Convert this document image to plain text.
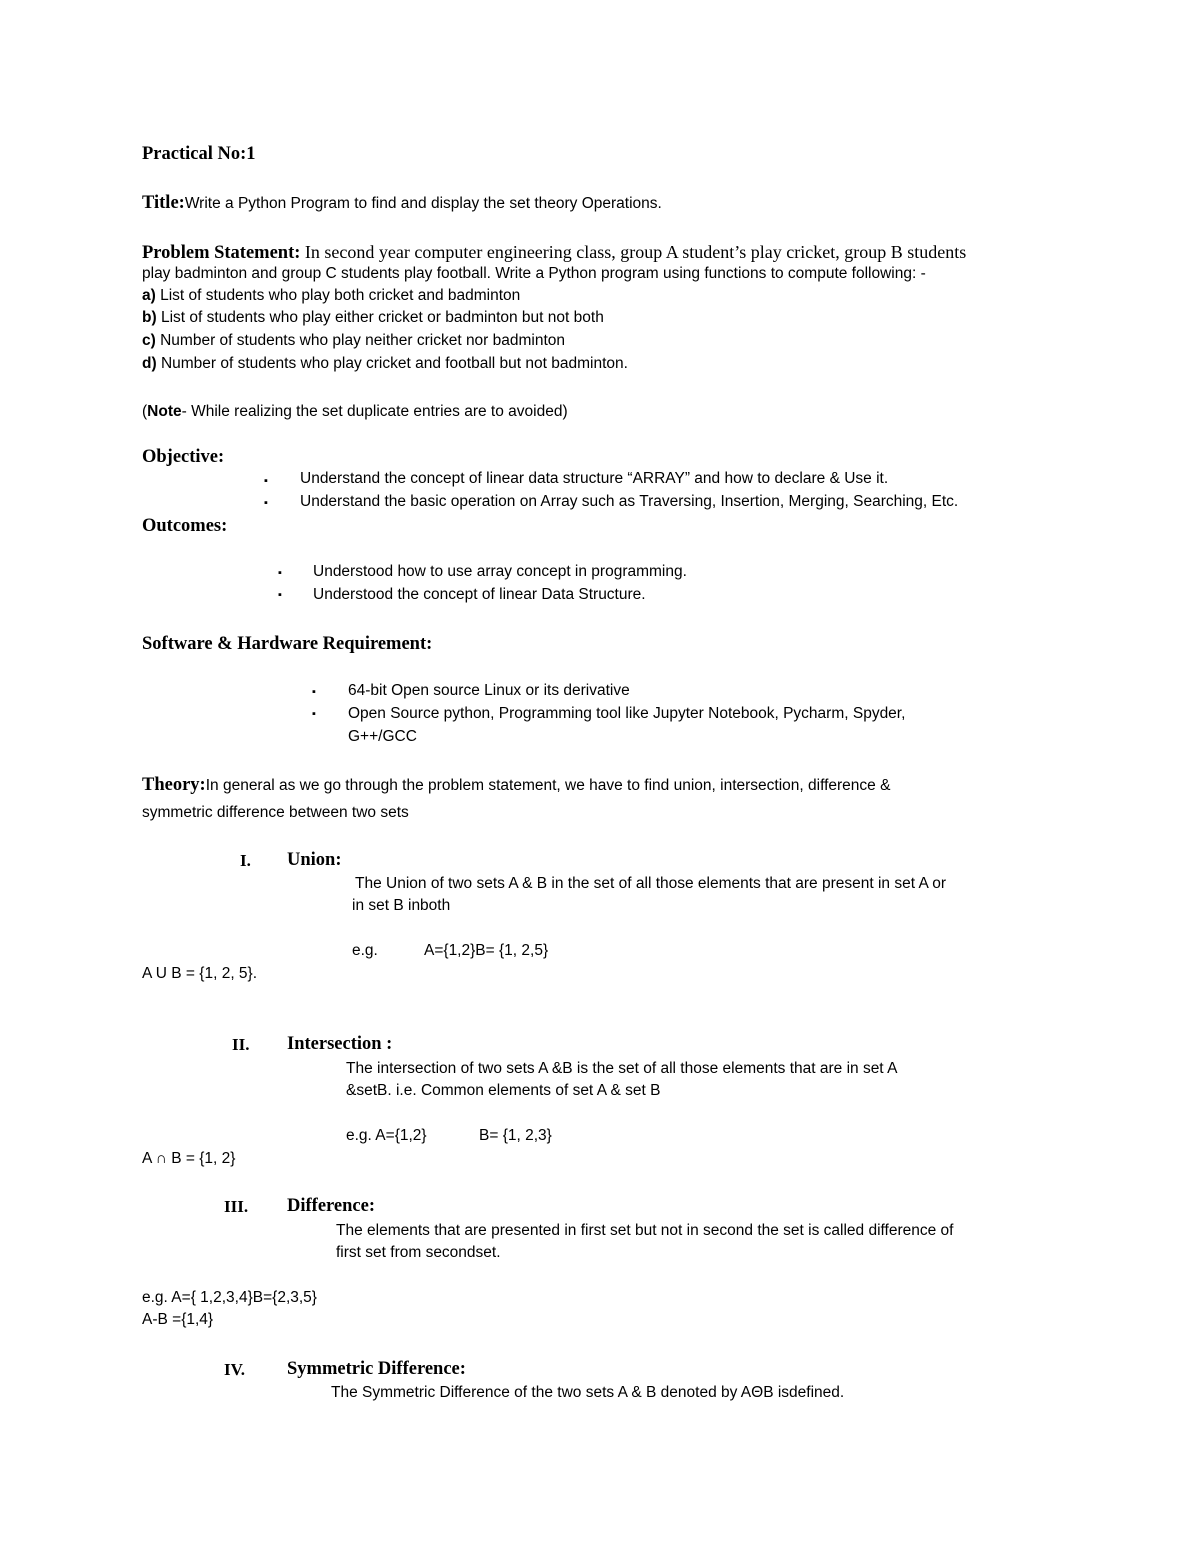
Practical No:1
Title:Write a Python Program to find and display the set theory Operations.
Problem Statement: In second year computer engineering class, group A student’s play cricket, group B students
play badminton and group C students play football. Write a Python program using functions to compute following: -
a) List of students who play both cricket and badminton
b) List of students who play either cricket or badminton but not both
c) Number of students who play neither cricket nor badminton
d) Number of students who play cricket and football but not badminton.
(Note- While realizing the set duplicate entries are to avoided)
Objective:
▪ Understand the concept of linear data structure “ARRAY” and how to declare & Use it.
▪ Understand the basic operation on Array such as Traversing, Insertion, Merging, Searching, Etc.
Outcomes:
▪ Understood how to use array concept in programming.
▪ Understood the concept of linear Data Structure.
Software & Hardware Requirement:
▪ 64-bit Open source Linux or its derivative
▪ Open Source python, Programming tool like Jupyter Notebook, Pycharm, Spyder,
G++/GCC
Theory:In general as we go through the problem statement, we have to find union, intersection, difference &
symmetric difference between two sets
I. Union:
The Union of two sets A & B in the set of all those elements that are present in set A or
in set B inboth
e.g.	A={1,2}B= {1, 2,5}
A U B = {1, 2, 5}.
II. Intersection :
The intersection of two sets A &B is the set of all those elements that are in set A
&setB. i.e. Common elements of set A & set B
e.g. A={1,2}	B= {1, 2,3}
A ∩ B = {1, 2}
III. Difference:
The elements that are presented in first set but not in second the set is called difference of
first set from secondset.
e.g. A={ 1,2,3,4}B={2,3,5}
A-B ={1,4}
IV. Symmetric Difference:
The Symmetric Difference of the two sets A & B denoted by AΘB isdefined.
